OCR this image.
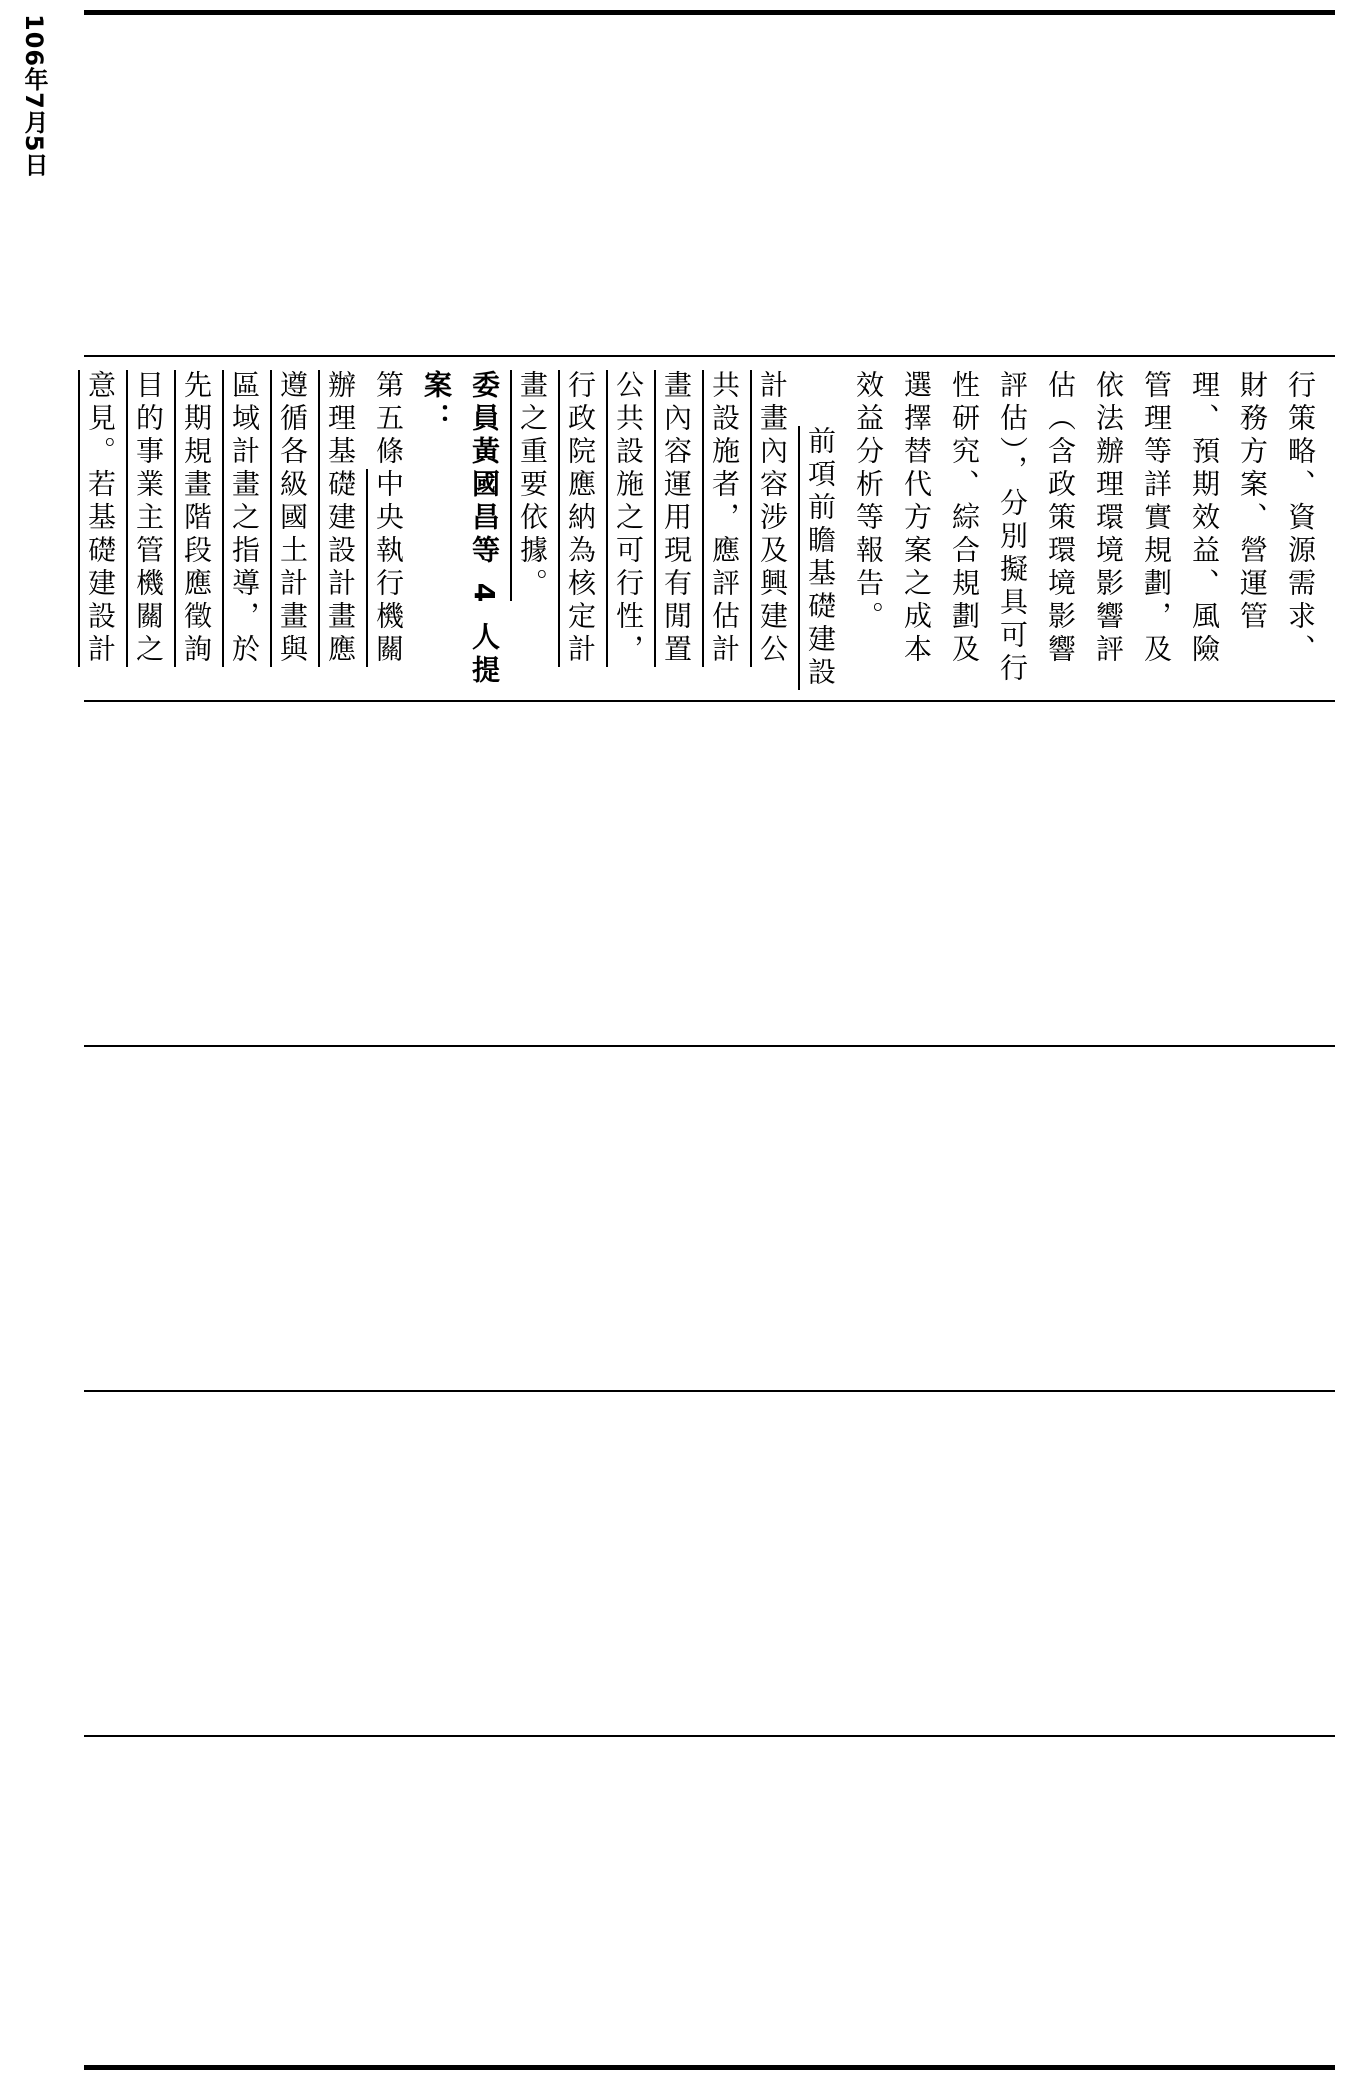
106年7月5日

行策略、資源需求、財務方案、營運管理、預期效益、風險管理等詳實規劃，及依法辦理環境影響評估（含政策環境影響評估），分別擬具可行性研究、綜合規劃及選擇替代方案之成本效益分析等報告。

前項前瞻基礎建設計畫內容涉及興建公共設施者，應評估計畫內容運用現有閒置公共設施之可行性，行政院應納為核定計畫之重要依據。

委員黃國昌等 4 人提案：

第五條中央執行機關辦理基礎建設計畫應遵循各級國土計畫與區域計畫之指導，於先期規畫階段應徵詢目的事業主管機關之意見。若基礎建設計
